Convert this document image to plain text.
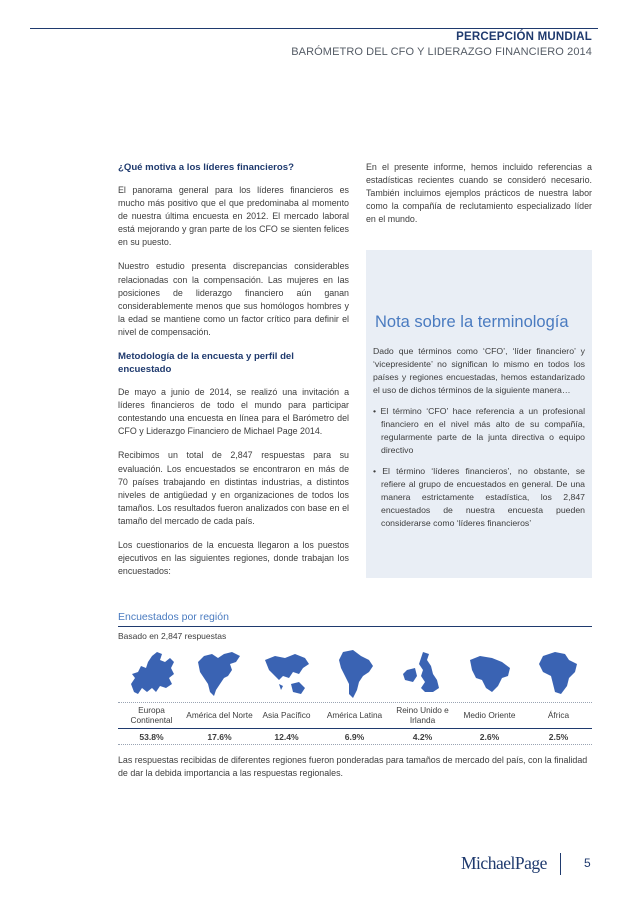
PERCEPCIÓN MUNDIAL
BARÓMETRO DEL CFO Y LIDERAZGO FINANCIERO 2014
¿Qué motiva a los líderes financieros?

El panorama general para los líderes financieros es mucho más positivo que el que predominaba al momento de nuestra última encuesta en 2012. El mercado laboral está mejorando y gran parte de los CFO se sienten felices en su puesto.

Nuestro estudio presenta discrepancias considerables relacionadas con la compensación. Las mujeres en las posiciones de liderazgo financiero aún ganan considerablemente menos que sus homólogos hombres y la edad se mantiene como un factor crítico para definir el nivel de compensación.

Metodología de la encuesta y perfil del encuestado

De mayo a junio de 2014, se realizó una invitación a líderes financieros de todo el mundo para participar contestando una encuesta en línea para el Barómetro del CFO y Liderazgo Financiero de Michael Page 2014.

Recibimos un total de 2,847 respuestas para su evaluación. Los encuestados se encontraron en más de 70 países trabajando en distintas industrias, a distintos niveles de antigüedad y en organizaciones de todos los tamaños. Los resultados fueron analizados con base en el tamaño del mercado de cada país.

Los cuestionarios de la encuesta llegaron a los puestos ejecutivos en las siguientes regiones, donde trabajan los encuestados:

En el presente informe, hemos incluido referencias a estadísticas recientes cuando se consideró necesario. También incluimos ejemplos prácticos de nuestra labor como la compañía de reclutamiento especializado líder en el mundo.

Nota sobre la terminología

Dado que términos como ‘CFO’, ‘líder financiero’ y ‘vicepresidente’ no significan lo mismo en todos los países y regiones encuestadas, hemos estandarizado el uso de dichos términos de la siguiente manera…

• El término ‘CFO’ hace referencia a un profesional financiero en el nivel más alto de su compañía, regularmente parte de la junta directiva o equipo directivo

• El término ‘líderes financieros’, no obstante, se refiere al grupo de encuestados en general. De una manera estrictamente estadística, los 2,847 encuestados de nuestra encuesta pueden considerarse como ‘líderes financieros’

Encuestados por región
Basado en 2,847 respuestas
Europa Continental
53.8%
América del Norte
17.6%
Asia Pacífico
12.4%
América Latina
6.9%
Reino Unido e Irlanda
4.2%
Medio Oriente
2.6%
África
2.5%
Las respuestas recibidas de diferentes regiones fueron ponderadas para tamaños de mercado del país, con la finalidad de dar la debida importancia a las respuestas regionales.
MichaelPage	5
